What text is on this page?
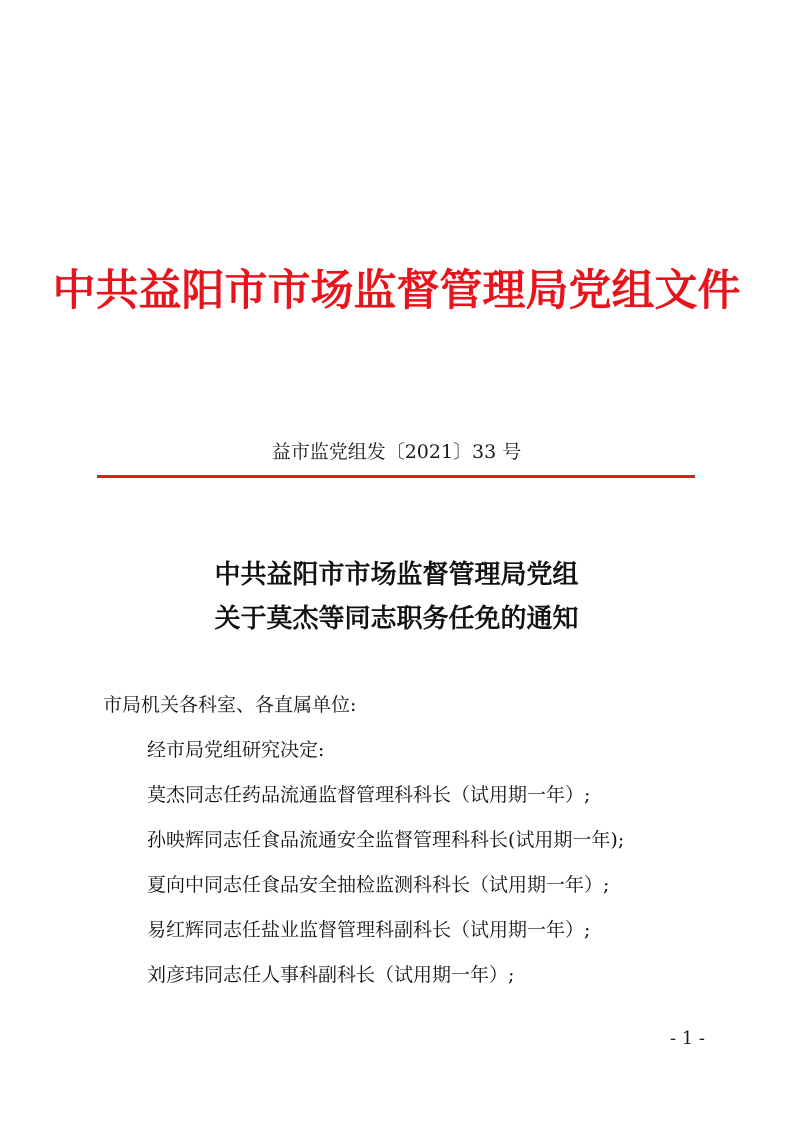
中共益阳市市场监督管理局党组文件
益市监党组发〔2021〕33 号
中共益阳市市场监督管理局党组
关于莫杰等同志职务任免的通知
市局机关各科室、各直属单位:
经市局党组研究决定:
莫杰同志任药品流通监督管理科科长（试用期一年）;
孙映辉同志任食品流通安全监督管理科科长(试用期一年);
夏向中同志任食品安全抽检监测科科长（试用期一年）;
易红辉同志任盐业监督管理科副科长（试用期一年）;
刘彦玮同志任人事科副科长（试用期一年）;
- 1 -
